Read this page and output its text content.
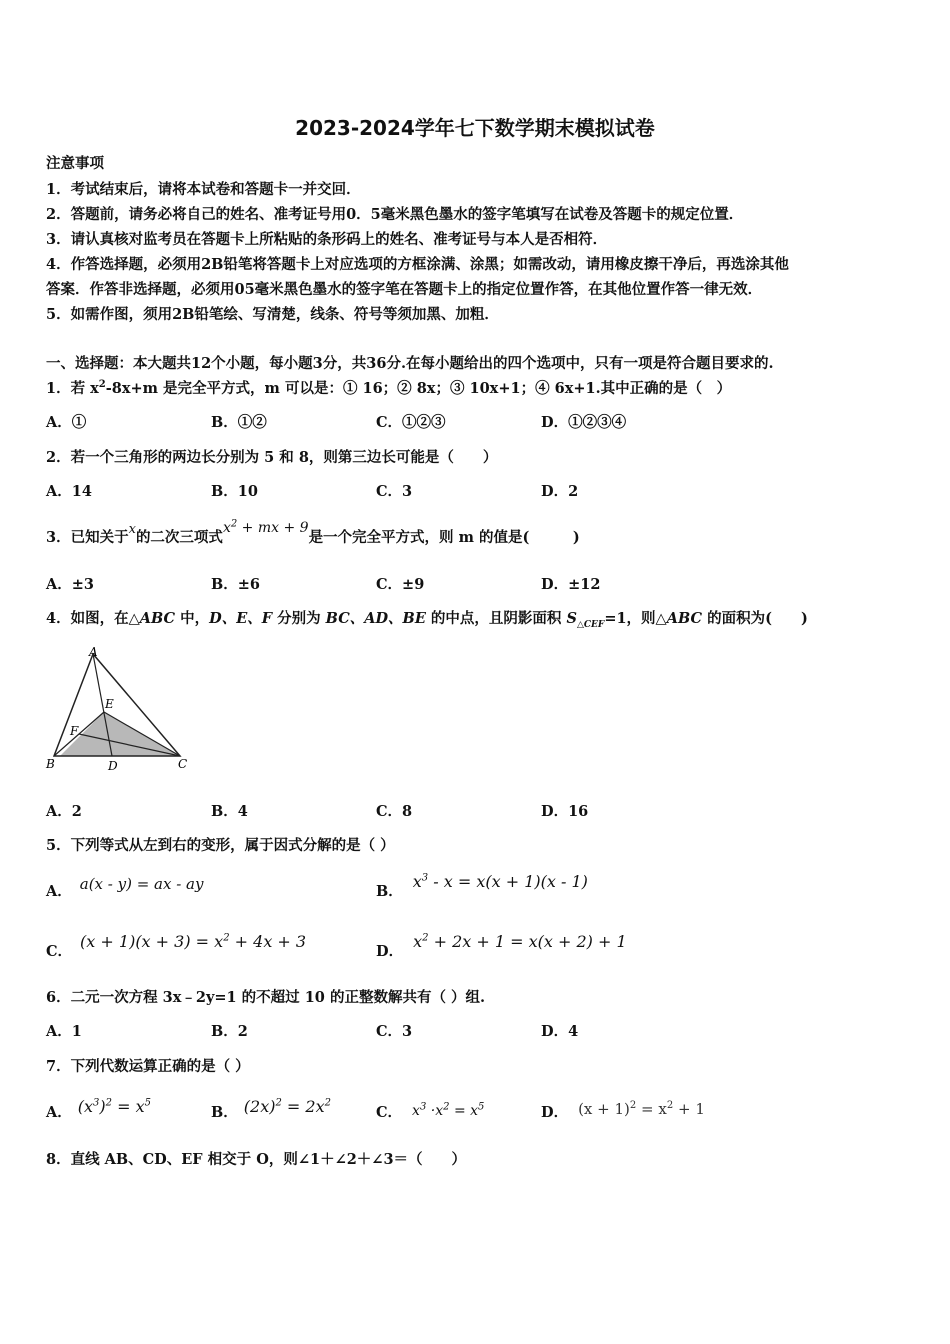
2023-2024学年七下数学期末模拟试卷
注意事项
1．考试结束后，请将本试卷和答题卡一并交回．
2．答题前，请务必将自己的姓名、准考证号用0．5毫米黑色墨水的签字笔填写在试卷及答题卡的规定位置．
3．请认真核对监考员在答题卡上所粘贴的条形码上的姓名、准考证号与本人是否相符．
4．作答选择题，必须用2B铅笔将答题卡上对应选项的方框涂满、涂黑；如需改动，请用橡皮擦干净后，再选涂其他
答案．作答非选择题，必须用05毫米黑色墨水的签字笔在答题卡上的指定位置作答，在其他位置作答一律无效．
5．如需作图，须用2B铅笔绘、写清楚，线条、符号等须加黑、加粗．
一、选择题：本大题共12个小题，每小题3分，共36分.在每小题给出的四个选项中，只有一项是符合题目要求的.
1．若 $x^2-8x+m$ 是完全平方式，m 可以是：① 16；② 8x；③ 10x+1；④ 6x+1.其中正确的是（　）
A．①	B．①②	C．①②③	D．①②③④
2．若一个三角形的两边长分别为 5 和 8，则第三边长可能是（　　）
A．14	B．10	C．3	D．2
3．已知关于x的二次三项式$x^2$ + mx + 9是一个完全平方式，则 m 的值是(　　　)
A．±3	B．±6	C．±9	D．±12
4．如图，在△ABC 中，D、E、F 分别为 BC、AD、BE 的中点，且阴影面积 $S_{\triangle CEF}=1$，则△ABC 的面积为(　　)
A
B	C
D
E
F
A．2	B．4	C．8	D．16
5．下列等式从左到右的变形，属于因式分解的是（ ）
A． a(x - y) = ax - ay	B．$x^3 - x = x(x + 1)(x - 1)$
C．$(x + 1)(x + 3) = x^2 + 4x + 3$
D．$x^2 + 2x + 1 = x(x + 2) + 1$
6．二元一次方程 3x﹣2y=1 的不超过 10 的正整数解共有（ ）组.
A．1	B．2	C．3	D．4
7．下列代数运算正确的是（ ）
A． $(x^3)^2 = x^5$
B． $(2x)^2 = 2x^2$
C． $x^3 \cdot x^2 = x^5$	D． $(x + 1)^2 = x^2 + 1$
8．直线 AB、CD、EF 相交于 O，则∠1＋∠2＋∠3＝（　　）
